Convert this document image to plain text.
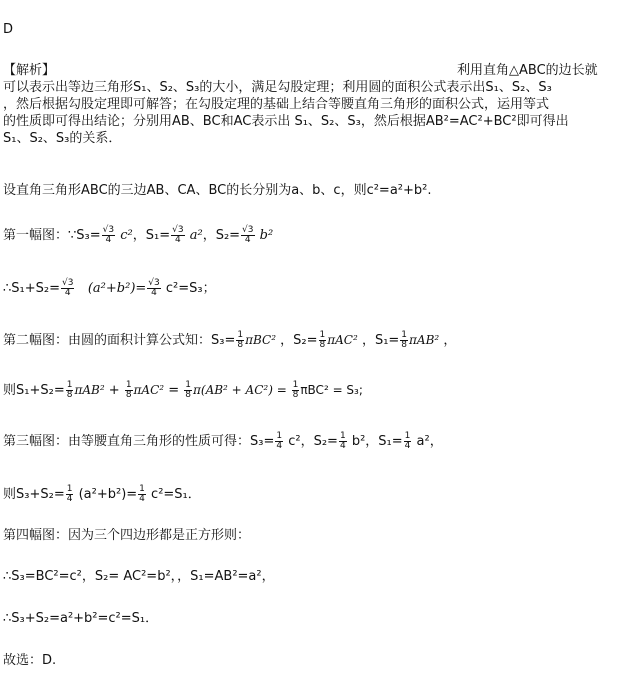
D
【解析】	利用直角△ABC的边长就
可以表示出等边三角形S₁、S₂、S₃的大小，满足勾股定理；利用圆的面积公式表示出S₁、S₂、S₃
，然后根据勾股定理即可解答；在勾股定理的基础上结合等腰直角三角形的面积公式，运用等式
的性质即可得出结论；分别用AB、BC和AC表示出 S₁、S₂、S₃，然后根据AB²=AC²+BC²即可得出
S₁、S₂、S₃的关系．
设直角三角形ABC的三边AB、CA、BC的长分别为a、b、c，则c²=a²+b².
第一幅图：∵S₃= $\frac{√3}{4} c^2$，$S_1= \frac{√3}{4} a^2$，$S_2= \frac{√3}{4} b^2$
∴S₁+S₂= $\frac{√3}{4} (a^2+b^2)= \frac{√3}{4} c^2=S_3$；
第二幅图：由圆的面积计算公式知：$S_3= \frac{1}{8} \pi BC^2$ ，$S_2= \frac{1}{8} \pi AC^2$ ，$S_1= \frac{1}{8} \pi AB^2$ ，
则$S_1+S_2= \frac{1}{8} \pi AB^2 + \frac{1}{8} \pi AC^2 = \frac{1}{8} \pi(AB^2 + AC^2) = \frac{1}{8} \pi BC^2 = S_3$;
第三幅图：由等腰直角三角形的性质可得：$S_3= \frac{1}{4} c^2$，$S_2= \frac{1}{4} b^2$，$S_1= \frac{1}{4} a^2$，
则$S_3+S_2= \frac{1}{4} (a^2+b^2)= \frac{1}{4} c^2=S_1$．
第四幅图：因为三个四边形都是正方形则：
∴S₃=BC²=c²，S₂= AC²=b²，，S₁=AB²=a²，
∴S₃+S₂=a²+b²=c²=S₁．
故选：D.
